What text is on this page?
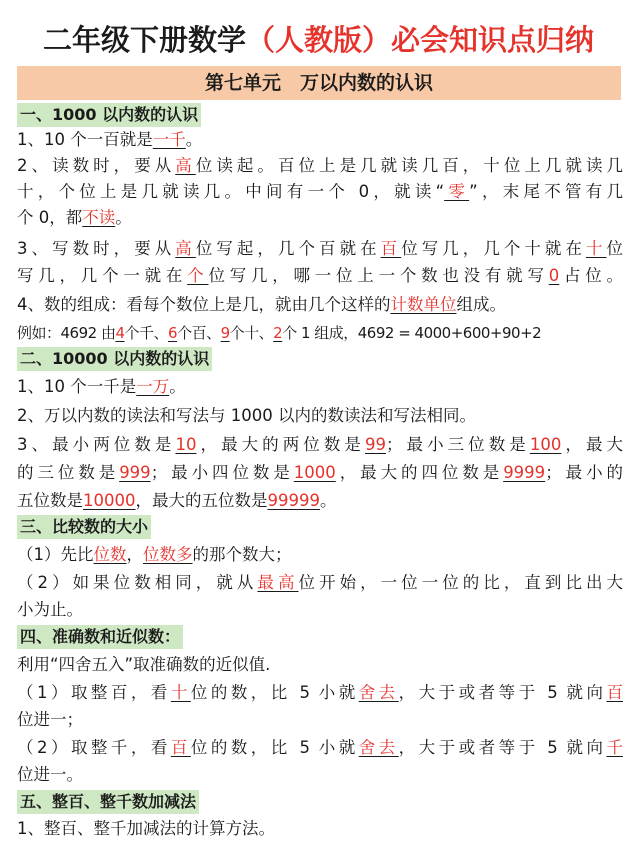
二年级下册数学（人教版）必会知识点归纳
第七单元　万以内数的认识
一、1000 以内数的认识
1、10 个一百就是一千。
2、读数时，要从高位读起。百位上是几就读几百，十位上几就读几
十，个位上是几就读几。中间有一个 0，就读“零”，末尾不管有几
个 0，都不读。
3、写数时，要从高位写起，几个百就在百位写几，几个十就在十位
写几，几个一就在个位写几，哪一位上一个数也没有就写0占位。
4、数的组成：看每个数位上是几，就由几个这样的计数单位组成。
例如：4692 由4个千、6个百、9个十、2个 1 组成，4692 = 4000+600+90+2
二、10000 以内数的认识
1、10 个一千是一万。
2、万以内数的读法和写法与 1000 以内的数读法和写法相同。
3、最小两位数是10，最大的两位数是99；最小三位数是100，最大
的三位数是999；最小四位数是1000，最大的四位数是9999；最小的
五位数是10000，最大的五位数是99999。
三、比较数的大小
（1）先比位数，位数多的那个数大；
（2）如果位数相同，就从最高位开始，一位一位的比，直到比出大
小为止。
四、准确数和近似数：
利用“四舍五入”取准确数的近似值.
（1）取整百，看十位的数，比 5 小就舍去，大于或者等于 5 就向百
位进一；
（2）取整千，看百位的数，比 5 小就舍去，大于或者等于 5 就向千
位进一。
五、整百、整千数加减法
1、整百、整千加减法的计算方法。
